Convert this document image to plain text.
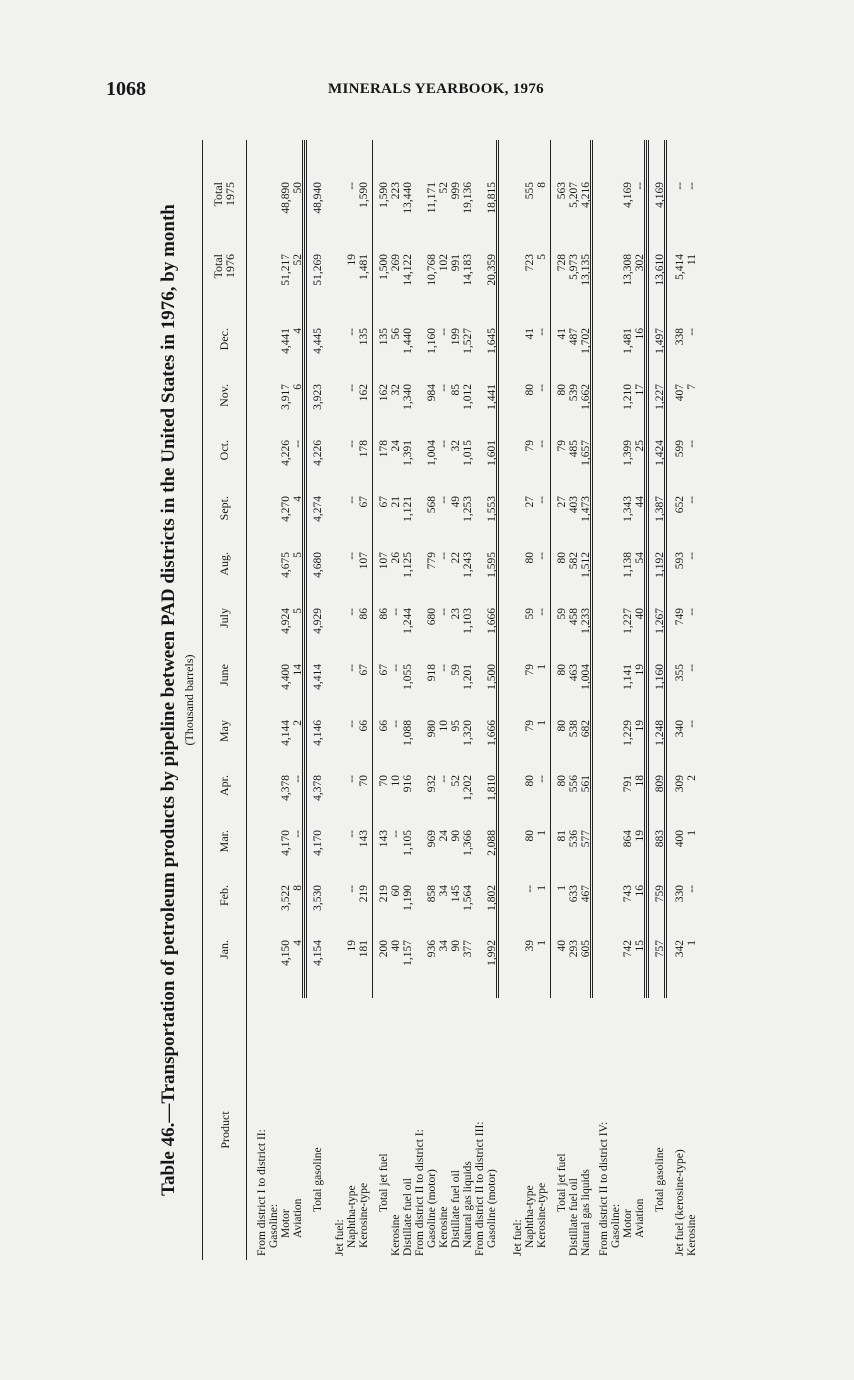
1068	MINERALS YEARBOOK, 1976
Table 46.—Transportation of petroleum products by pipeline between PAD districts in the United States in 1976, by month (Thousand barrels)
Product
Jan.
Feb.
Mar.
Apr.
May
June
July
Aug.
Sept.
Oct.
Nov.
Dec.
Total
1976
Total
1975
From district I to district II: Gasoline: Motor
4,150
3,522
4,170
4,378
4,144
4,400
4,924
4,675
4,270
4,226
3,917
4,441
51,217
48,890
Aviation
4
8
--
--
2
14
5
5
4
--
6
4
52
50
Total gasoline
4,154
3,530
4,170
4,378
4,146
4,414
4,929
4,680
4,274
4,226
3,923
4,445
51,269
48,940
Jet fuel: Naphtha-type
19
--
--
--
--
--
--
--
--
--
--
--
19
--
Kerosine-type
181
219
143
70
66
67
86
107
67
178
162
135
1,481
1,590
Total jet fuel
200
219
143
70
66
67
86
107
67
178
162
135
1,500
1,590
Kerosine
40
60
--
10
--
--
--
26
21
24
32
56
269
223
Distillate fuel oil
1,157
1,190
1,105
916
1,088
1,055
1,244
1,125
1,121
1,391
1,340
1,440
14,122
13,440
From district II to district I: Gasoline (motor)
936
858
969
932
980
918
680
779
568
1,004
984
1,160
10,768
11,171
Kerosine
34
34
24
--
10
--
--
--
--
--
--
--
102
52
Distillate fuel oil
90
145
90
52
95
59
23
22
49
32
85
199
991
999
Natural gas liquids
377
1,564
1,366
1,202
1,320
1,201
1,103
1,243
1,253
1,015
1,012
1,527
14,183
19,136
From district II to district III: Gasoline (motor)
1,992
1,802
2,088
1,810
1,666
1,500
1,666
1,595
1,553
1,601
1,441
1,645
20,359
18,815
Jet fuel: Naphtha-type
39
--
80
80
79
79
59
80
27
79
80
41
723
555
Kerosine-type
1
1
1
--
1
1
--
--
--
--
--
--
5
8
Total jet fuel
40
1
81
80
80
80
59
80
27
79
80
41
728
563
Distillate fuel oil
293
633
536
556
538
463
458
582
403
485
539
487
5,973
5,207
Natural gas liquids
605
467
577
561
682
1,004
1,233
1,512
1,473
1,657
1,662
1,702
13,135
4,216
From district II to district IV: Gasoline: Motor
742
743
864
791
1,229
1,141
1,227
1,138
1,343
1,399
1,210
1,481
13,308
4,169
Aviation
15
16
19
18
19
19
40
54
44
25
17
16
302
--
Total gasoline
757
759
883
809
1,248
1,160
1,267
1,192
1,387
1,424
1,227
1,497
13,610
4,169
Jet fuel (kerosine-type)
342
330
400
309
340
355
749
593
652
599
407
338
5,414
--
Kerosine
1
--
1
2
--
--
--
--
--
--
7
--
11
--
